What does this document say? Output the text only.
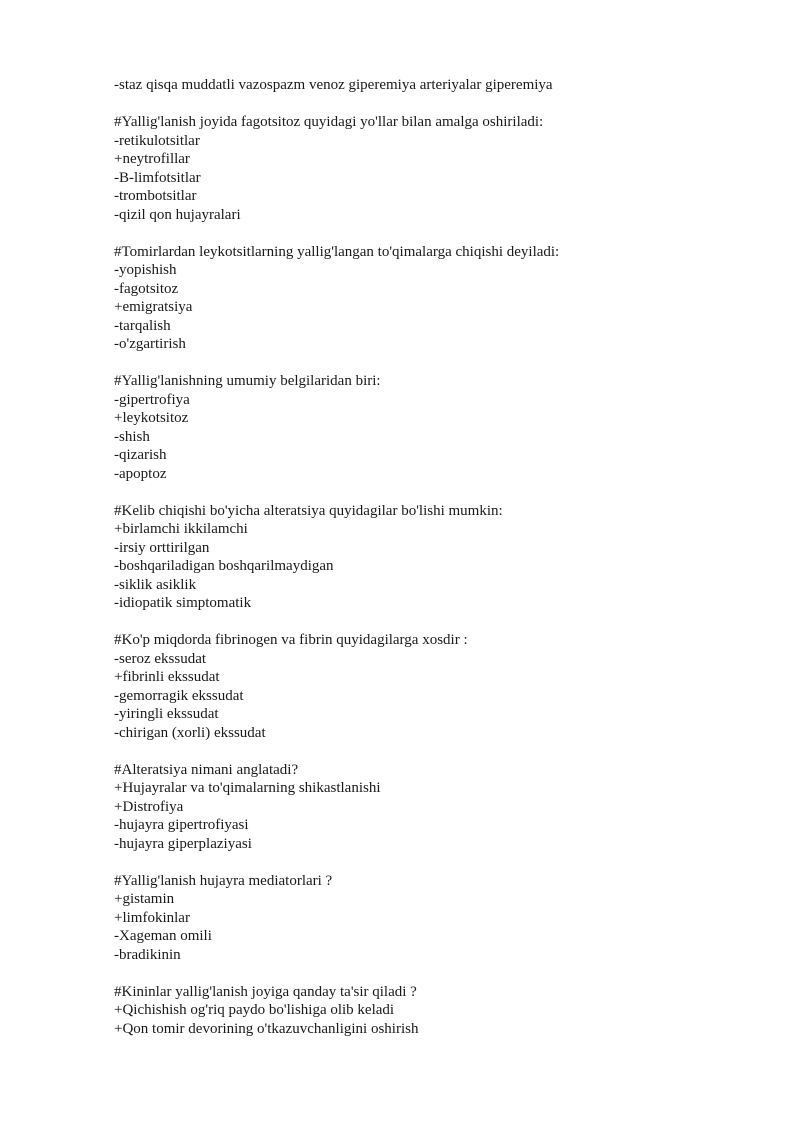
-staz qisqa muddatli vazospazm venoz giperemiya arteriyalar giperemiya
#Yallig'lanish joyida fagotsitoz quyidagi yo'llar bilan amalga oshiriladi:
-retikulotsitlar
+neytrofillar
-B-limfotsitlar
-trombotsitlar
-qizil qon hujayralari
#Tomirlardan leykotsitlarning yallig'langan to'qimalarga chiqishi deyiladi:
-yopishish
-fagotsitoz
+emigratsiya
-tarqalish
-o'zgartirish
#Yallig'lanishning umumiy belgilaridan biri:
-gipertrofiya
+leykotsitoz
-shish
-qizarish
-apoptoz
#Kelib chiqishi bo'yicha alteratsiya quyidagilar bo'lishi mumkin:
+birlamchi ikkilamchi
-irsiy orttirilgan
-boshqariladigan boshqarilmaydigan
-siklik asiklik
-idiopatik simptomatik
#Ko'p miqdorda fibrinogen va fibrin quyidagilarga xosdir :
-seroz ekssudat
+fibrinli ekssudat
-gemorragik ekssudat
-yiringli ekssudat
-chirigan (xorli) ekssudat
#Alteratsiya nimani anglatadi?
+Hujayralar va to'qimalarning shikastlanishi
+Distrofiya
-hujayra gipertrofiyasi
-hujayra giperplaziyasi
#Yallig'lanish hujayra mediatorlari ?
+gistamin
+limfokinlar
-Xageman omili
-bradikinin
#Kininlar yallig'lanish joyiga qanday ta'sir qiladi ?
+Qichishish og'riq paydo bo'lishiga olib keladi
+Qon tomir devorining o'tkazuvchanligini oshirish
